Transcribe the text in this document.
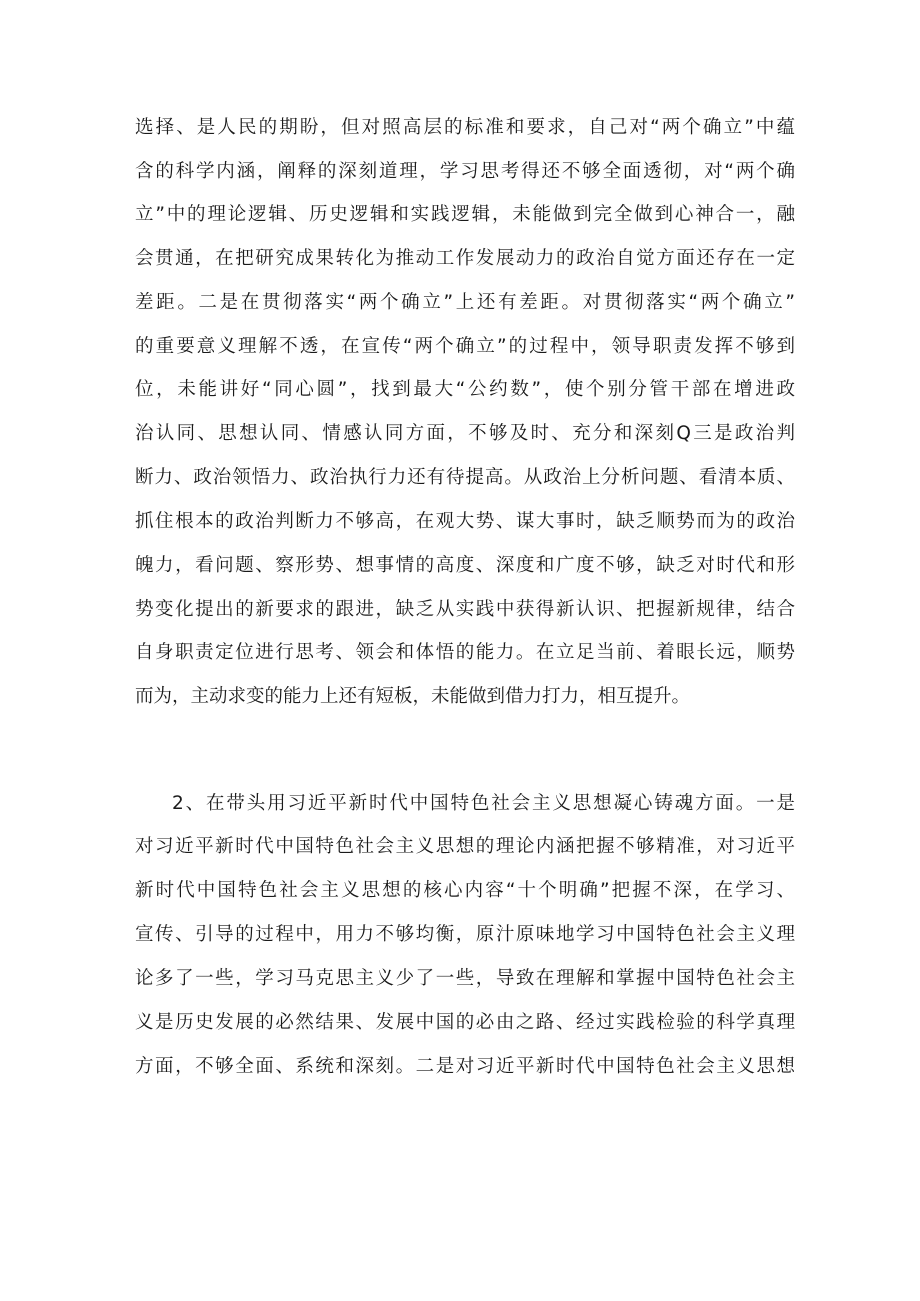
选择、是人民的期盼，但对照高层的标准和要求，自己对“两个确立”中蕴
含的科学内涵，阐释的深刻道理，学习思考得还不够全面透彻，对“两个确
立”中的理论逻辑、历史逻辑和实践逻辑，未能做到完全做到心神合一，融
会贯通，在把研究成果转化为推动工作发展动力的政治自觉方面还存在一定
差距。二是在贯彻落实“两个确立”上还有差距。对贯彻落实“两个确立”
的重要意义理解不透，在宣传“两个确立”的过程中，领导职责发挥不够到
位，未能讲好“同心圆”，找到最大“公约数”，使个别分管干部在增进政
治认同、思想认同、情感认同方面，不够及时、充分和深刻Q三是政治判
断力、政治领悟力、政治执行力还有待提高。从政治上分析问题、看清本质、
抓住根本的政治判断力不够高，在观大势、谋大事时，缺乏顺势而为的政治
魄力，看问题、察形势、想事情的高度、深度和广度不够，缺乏对时代和形
势变化提出的新要求的跟进，缺乏从实践中获得新认识、把握新规律，结合
自身职责定位进行思考、领会和体悟的能力。在立足当前、着眼长远，顺势
而为，主动求变的能力上还有短板，未能做到借力打力，相互提升。
2、在带头用习近平新时代中国特色社会主义思想凝心铸魂方面。一是
对习近平新时代中国特色社会主义思想的理论内涵把握不够精准，对习近平
新时代中国特色社会主义思想的核心内容“十个明确”把握不深，在学习、
宣传、引导的过程中，用力不够均衡，原汁原味地学习中国特色社会主义理
论多了一些，学习马克思主义少了一些，导致在理解和掌握中国特色社会主
义是历史发展的必然结果、发展中国的必由之路、经过实践检验的科学真理
方面，不够全面、系统和深刻。二是对习近平新时代中国特色社会主义思想
